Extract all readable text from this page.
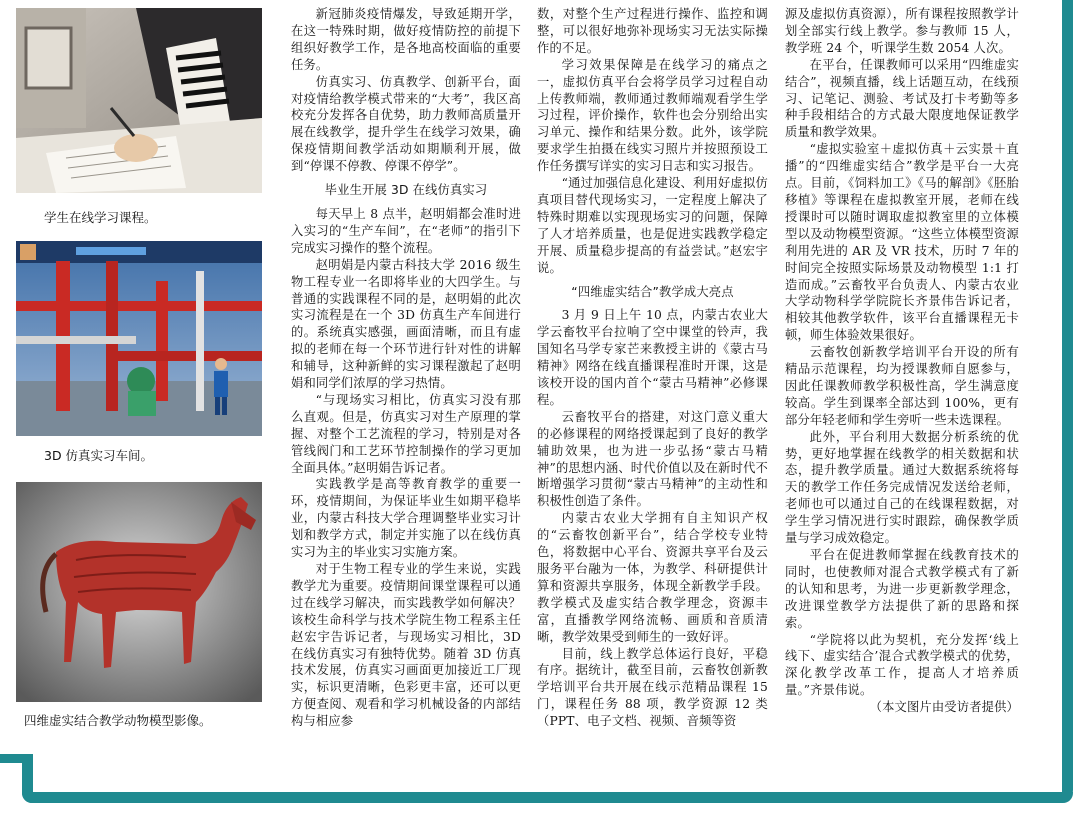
学生在线学习课程。
3D 仿真实习车间。
四维虚实结合教学动物模型影像。

新冠肺炎疫情爆发，导致延期开学，在这一特殊时期，做好疫情防控的前提下组织好教学工作，是各地高校面临的重要任务。

仿真实习、仿真教学、创新平台，面对疫情给教学模式带来的“大考”，我区高校充分发挥各自优势，助力教师高质量开展在线教学，提升学生在线学习效果，确保疫情期间教学活动如期顺利开展，做到“停课不停教、停课不停学”。

毕业生开展 3D 在线仿真实习

每天早上 8 点半，赵明娟都会准时进入实习的“生产车间”，在“老师”的指引下完成实习操作的整个流程。

赵明娟是内蒙古科技大学 2016 级生物工程专业一名即将毕业的大四学生。与普通的实践课程不同的是，赵明娟的此次实习流程是在一个 3D 仿真生产车间进行的。系统真实感强，画面清晰，而且有虚拟的老师在每一个环节进行针对性的讲解和辅导，这种新鲜的实习课程激起了赵明娟和同学们浓厚的学习热情。

“与现场实习相比，仿真实习没有那么直观。但是，仿真实习对生产原理的掌握、对整个工艺流程的学习，特别是对各管线阀门和工艺环节控制操作的学习更加全面具体。”赵明娟告诉记者。

实践教学是高等教育教学的重要一环，疫情期间，为保证毕业生如期平稳毕业，内蒙古科技大学合理调整毕业实习计划和教学方式，制定并实施了以在线仿真实习为主的毕业实习实施方案。

对于生物工程专业的学生来说，实践教学尤为重要。疫情期间课堂课程可以通过在线学习解决，而实践教学如何解决？该校生命科学与技术学院生物工程系主任赵宏宇告诉记者，与现场实习相比，3D 在线仿真实习有独特优势。随着 3D 仿真技术发展，仿真实习画面更加接近工厂现实，标识更清晰，色彩更丰富，还可以更方便查阅、观看和学习机械设备的内部结构与相应参

数，对整个生产过程进行操作、监控和调整，可以很好地弥补现场实习无法实际操作的不足。

学习效果保障是在线学习的痛点之一，虚拟仿真平台会将学员学习过程自动上传教师端，教师通过教师端观看学生学习过程，评价操作，软件也会分别给出实习单元、操作和结果分数。此外，该学院要求学生拍摄在线实习照片并按照预设工作任务撰写详实的实习日志和实习报告。

“通过加强信息化建设、利用好虚拟仿真项目替代现场实习，一定程度上解决了特殊时期难以实现现场实习的问题，保障了人才培养质量，也是促进实践教学稳定开展、质量稳步提高的有益尝试。”赵宏宇说。

“四维虚实结合”教学成大亮点

3 月 9 日上午 10 点，内蒙古农业大学云畜牧平台拉响了空中课堂的铃声，我国知名马学专家芒来教授主讲的《蒙古马精神》网络在线直播课程准时开课，这是该校开设的国内首个“蒙古马精神”必修课程。

云畜牧平台的搭建，对这门意义重大的必修课程的网络授课起到了良好的教学辅助效果，也为进一步弘扬“蒙古马精神”的思想内涵、时代价值以及在新时代不断增强学习贯彻“蒙古马精神”的主动性和积极性创造了条件。

内蒙古农业大学拥有自主知识产权的“云畜牧创新平台”，结合学校专业特色，将数据中心平台、资源共享平台及云服务平台融为一体，为教学、科研提供计算和资源共享服务，体现全新教学手段。教学模式及虚实结合教学理念，资源丰富，直播教学网络流畅、画质和音质清晰，教学效果受到师生的一致好评。

目前，线上教学总体运行良好，平稳有序。据统计，截至目前，云畜牧创新教学培训平台共开展在线示范精品课程 15 门，课程任务 88 项，教学资源 12 类（PPT、电子文档、视频、音频等资

源及虚拟仿真资源），所有课程按照教学计划全部实行线上教学。参与教师 15 人，教学班 24 个，听课学生数 2054 人次。

在平台，任课教师可以采用“四维虚实结合”，视频直播，线上话题互动，在线预习、记笔记、测验、考试及打卡考勤等多种手段相结合的方式最大限度地保证教学质量和教学效果。

“虚拟实验室＋虚拟仿真＋云实景＋直播”的“四维虚实结合”教学是平台一大亮点。目前，《饲料加工》《马的解剖》《胚胎移植》等课程在虚拟教室开展，老师在线授课时可以随时调取虚拟教室里的立体模型以及动物模型资源。“这些立体模型资源利用先进的 AR 及 VR 技术，历时 7 年的时间完全按照实际场景及动物模型 1:1 打造而成。”云畜牧平台负责人、内蒙古农业大学动物科学学院院长齐景伟告诉记者，相较其他教学软件，该平台直播课程无卡顿，师生体验效果很好。

云畜牧创新教学培训平台开设的所有精品示范课程，均为授课教师自愿参与，因此任课教师教学积极性高，学生满意度较高。学生到课率全部达到 100%，更有部分年轻老师和学生旁听一些未选课程。

此外，平台利用大数据分析系统的优势，更好地掌握在线教学的相关数据和状态，提升教学质量。通过大数据系统将每天的教学工作任务完成情况发送给老师，老师也可以通过自己的在线课程数据，对学生学习情况进行实时跟踪，确保教学质量与学习成效稳定。

平台在促进教师掌握在线教育技术的同时，也使教师对混合式教学模式有了新的认知和思考，为进一步更新教学理念，改进课堂教学方法提供了新的思路和探索。

“学院将以此为契机，充分发挥‘线上线下、虚实结合’混合式教学模式的优势，深化教学改革工作，提高人才培养质量。”齐景伟说。

（本文图片由受访者提供）
